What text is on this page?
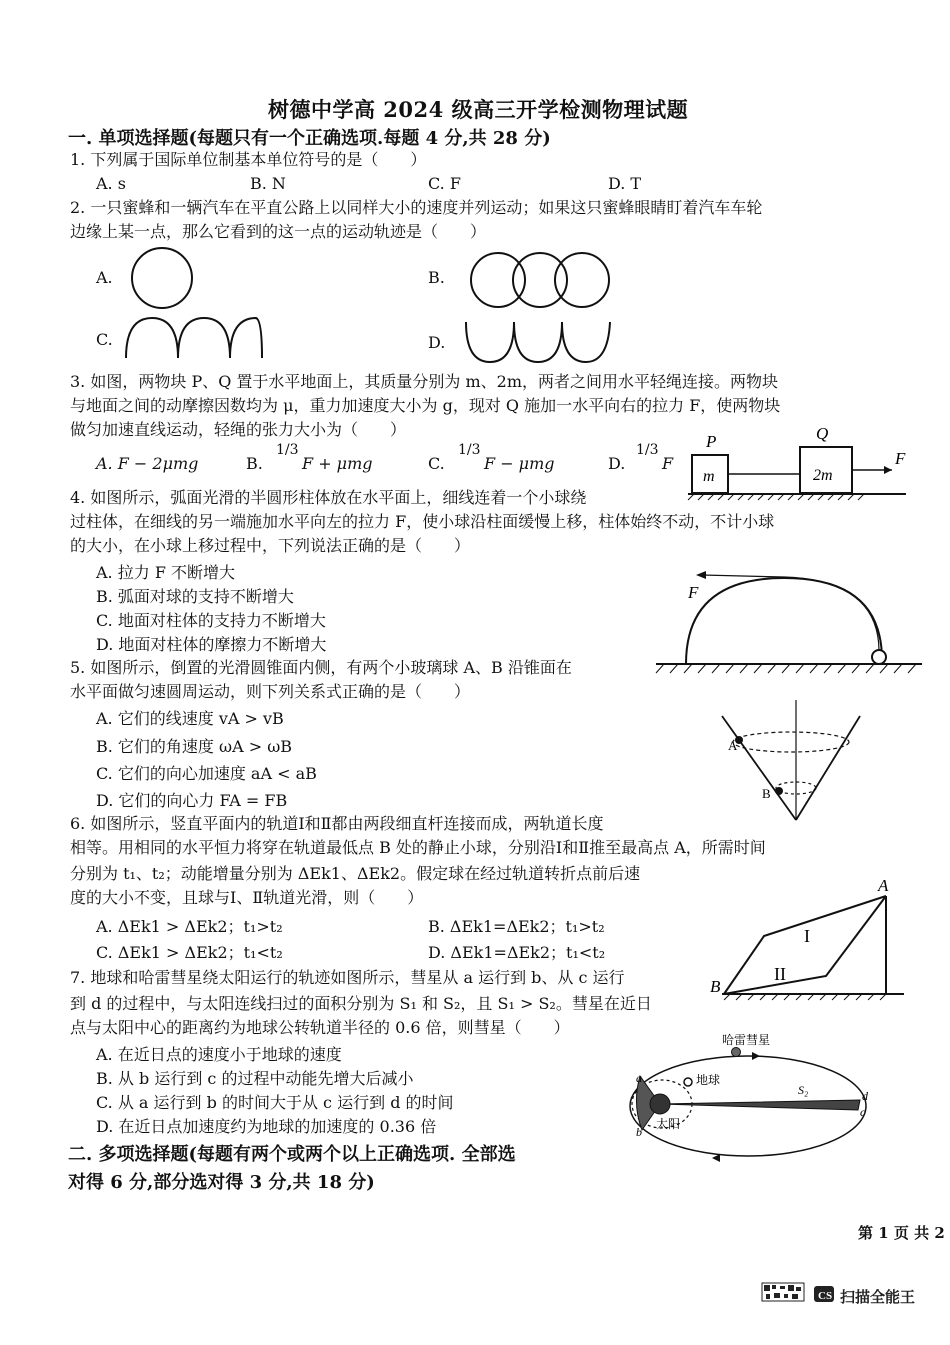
树德中学高 2024 级高三开学检测物理试题
一. 单项选择题(每题只有一个正确选项.每题 4 分,共 28 分)
1. 下列属于国际单位制基本单位符号的是（　　）
A. s	B. N	C. F	D. T
2. 一只蜜蜂和一辆汽车在平直公路上以同样大小的速度并列运动；如果这只蜜蜂眼睛盯着汽车车轮
边缘上某一点，那么它看到的这一点的运动轨迹是（　　）
A.	B.
C.	D.
3. 如图，两物块 P、Q 置于水平地面上，其质量分别为 m、2m，两者之间用水平轻绳连接。两物块
与地面之间的动摩擦因数均为 μ，重力加速度大小为 g，现对 Q 施加一水平向右的拉力 F，使两物块
做匀加速直线运动，轻绳的张力大小为（　　）
A. F − 2μmg	B.
1/3
F + μmg	C.
1/3
F − μmg	D.
1/3
F
P	Q
m	2m
F
4. 如图所示，弧面光滑的半圆形柱体放在水平面上，细线连着一个小球绕
过柱体，在细线的另一端施加水平向左的拉力 F，使小球沿柱面缓慢上移，柱体始终不动，不计小球
的大小，在小球上移过程中，下列说法正确的是（　　）
A. 拉力 F 不断增大
B. 弧面对球的支持不断增大
C. 地面对柱体的支持力不断增大
D. 地面对柱体的摩擦力不断增大
F
5. 如图所示，倒置的光滑圆锥面内侧，有两个小玻璃球 A、B 沿锥面在
水平面做匀速圆周运动，则下列关系式正确的是（　　）
A. 它们的线速度 vA > vB
B. 它们的角速度 ωA > ωB
C. 它们的向心加速度 aA < aB
D. 它们的向心力 FA = FB
A
B
6. 如图所示，竖直平面内的轨道Ⅰ和Ⅱ都由两段细直杆连接而成，两轨道长度
相等。用相同的水平恒力将穿在轨道最低点 B 处的静止小球，分别沿Ⅰ和Ⅱ推至最高点 A，所需时间
分别为 t₁、t₂；动能增量分别为 ΔEk1、ΔEk2。假定球在经过轨道转折点前后速
度的大小不变，且球与Ⅰ、Ⅱ轨道光滑，则（　　）
A. ΔEk1 > ΔEk2；t₁>t₂	B. ΔEk1=ΔEk2；t₁>t₂
C. ΔEk1 > ΔEk2；t₁<t₂	D. ΔEk1=ΔEk2；t₁<t₂
A
B
I
II
7. 地球和哈雷彗星绕太阳运行的轨迹如图所示，彗星从 a 运行到 b、从 c 运行
到 d 的过程中，与太阳连线扫过的面积分别为 S₁ 和 S₂，且 S₁ > S₂。彗星在近日
点与太阳中心的距离约为地球公转轨道半径的 0.6 倍，则彗星（　　）
A. 在近日点的速度小于地球的速度
B. 从 b 运行到 c 的过程中动能先增大后减小
C. 从 a 运行到 b 的时间大于从 c 运行到 d 的时间
D. 在近日点加速度约为地球的加速度的 0.36 倍
哈雷彗星
地球
太阳
S₂
a
b
c
d
二. 多项选择题(每题有两个或两个以上正确选项. 全部选
对得 6 分,部分选对得 3 分,共 18 分)
第 1 页 共 2
CS 扫描全能王
